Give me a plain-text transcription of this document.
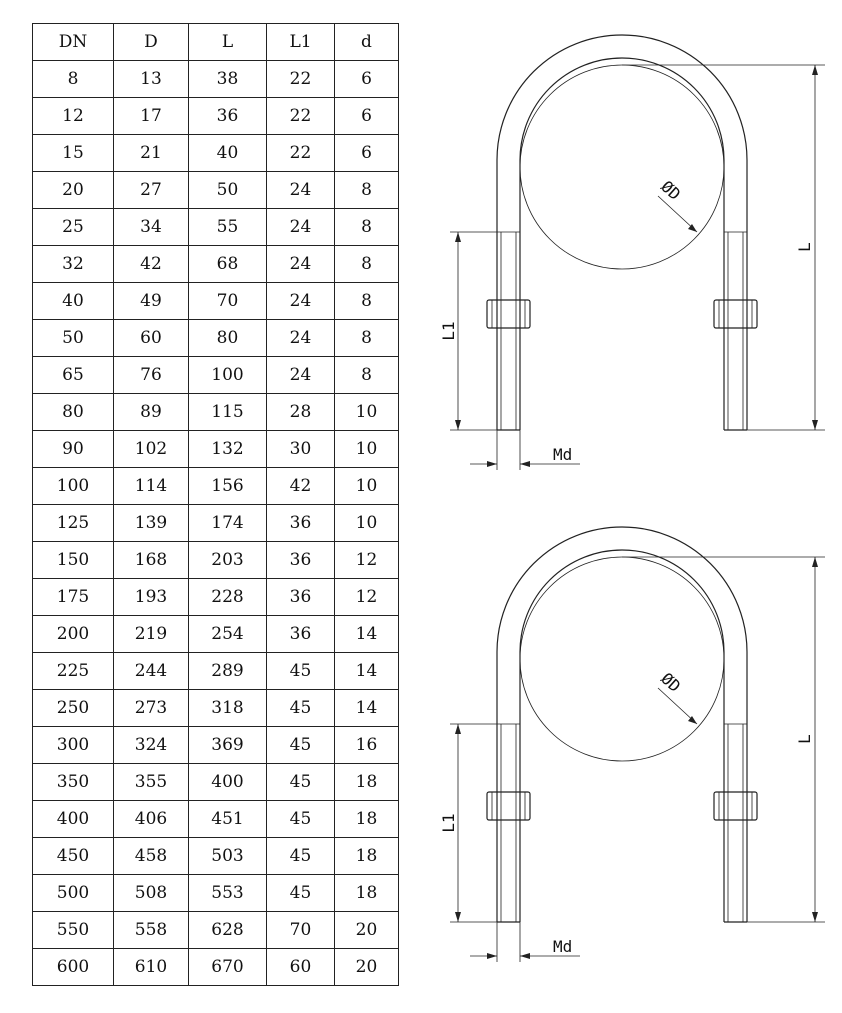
DN	D	L	L1	d
8	13	38	22	6
12	17	36	22	6
15	21	40	22	6
20	27	50	24	8
25	34	55	24	8
32	42	68	24	8
40	49	70	24	8
50	60	80	24	8
65	76	100	24	8
80	89	115	28	10
90	102	132	30	10
100	114	156	42	10
125	139	174	36	10
150	168	203	36	12
175	193	228	36	12
200	219	254	36	14
225	244	289	45	14
250	273	318	45	14
300	324	369	45	16
350	355	400	45	18
400	406	451	45	18
450	458	503	45	18
500	508	553	45	18
550	558	628	70	20
600	610	670	60	20
L
L1
Md
ØD
L
L1
Md
ØD
